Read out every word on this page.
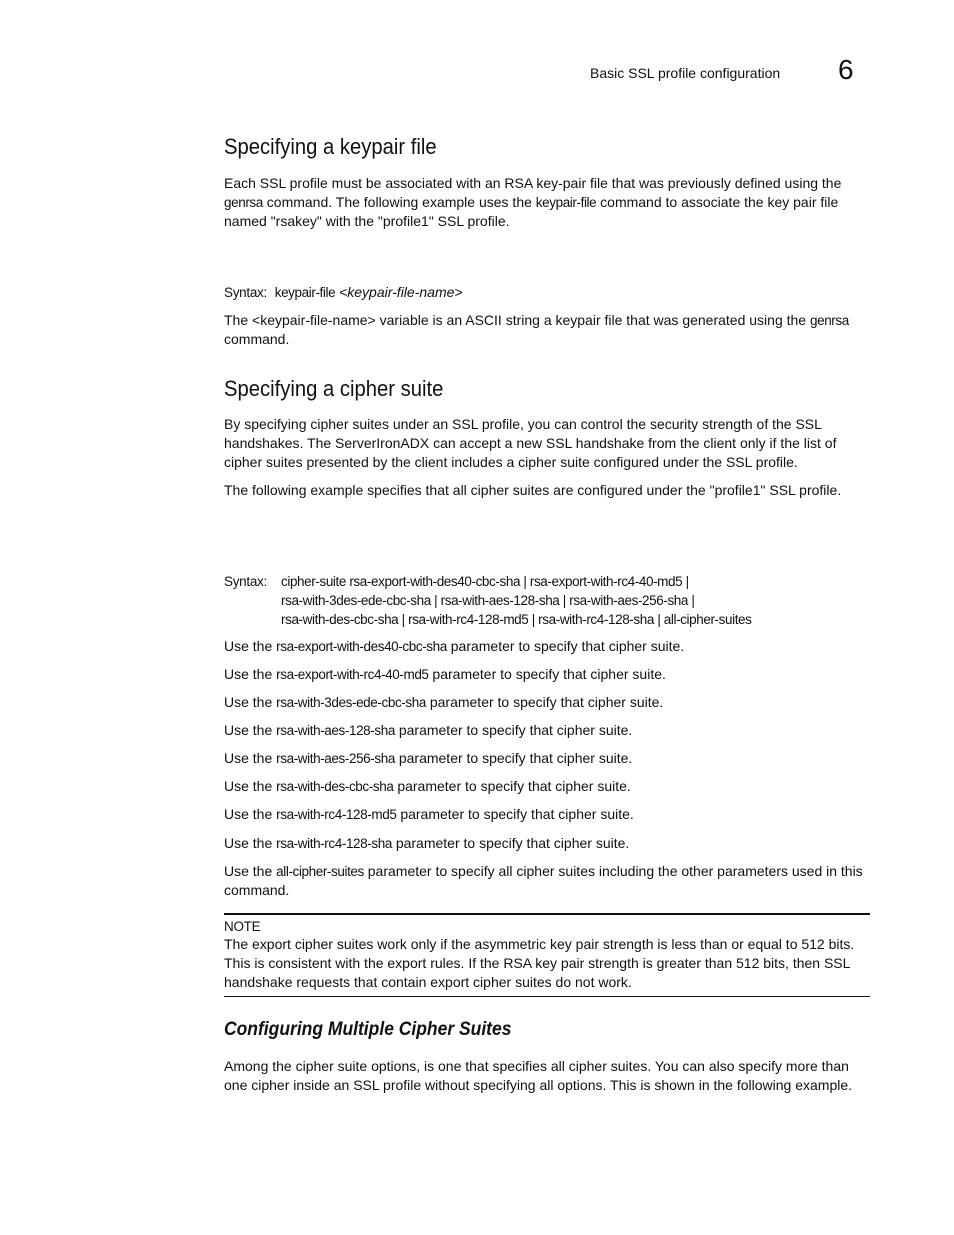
Basic SSL profile configuration 6
Specifying a keypair file

Each SSL profile must be associated with an RSA key-pair file that was previously defined using the genrsa command. The following example uses the keypair-file command to associate the key pair file named "rsakey" with the "profile1" SSL profile.

Syntax: keypair-file <keypair-file-name>

The <keypair-file-name> variable is an ASCII string a keypair file that was generated using the genrsa command.

Specifying a cipher suite

By specifying cipher suites under an SSL profile, you can control the security strength of the SSL handshakes. The ServerIronADX can accept a new SSL handshake from the client only if the list of cipher suites presented by the client includes a cipher suite configured under the SSL profile.

The following example specifies that all cipher suites are configured under the "profile1" SSL profile.

Syntax: cipher-suite rsa-export-with-des40-cbc-sha | rsa-export-with-rc4-40-md5 |
rsa-with-3des-ede-cbc-sha | rsa-with-aes-128-sha | rsa-with-aes-256-sha |
rsa-with-des-cbc-sha | rsa-with-rc4-128-md5 | rsa-with-rc4-128-sha | all-cipher-suites

Use the rsa-export-with-des40-cbc-sha parameter to specify that cipher suite.

Use the rsa-export-with-rc4-40-md5 parameter to specify that cipher suite.

Use the rsa-with-3des-ede-cbc-sha parameter to specify that cipher suite.

Use the rsa-with-aes-128-sha parameter to specify that cipher suite.

Use the rsa-with-aes-256-sha parameter to specify that cipher suite.

Use the rsa-with-des-cbc-sha parameter to specify that cipher suite.

Use the rsa-with-rc4-128-md5 parameter to specify that cipher suite.

Use the rsa-with-rc4-128-sha parameter to specify that cipher suite.

Use the all-cipher-suites parameter to specify all cipher suites including the other parameters used in this command.

NOTE

The export cipher suites work only if the asymmetric key pair strength is less than or equal to 512 bits. This is consistent with the export rules. If the RSA key pair strength is greater than 512 bits, then SSL handshake requests that contain export cipher suites do not work.

Configuring Multiple Cipher Suites

Among the cipher suite options, is one that specifies all cipher suites. You can also specify more than one cipher inside an SSL profile without specifying all options. This is shown in the following example.
